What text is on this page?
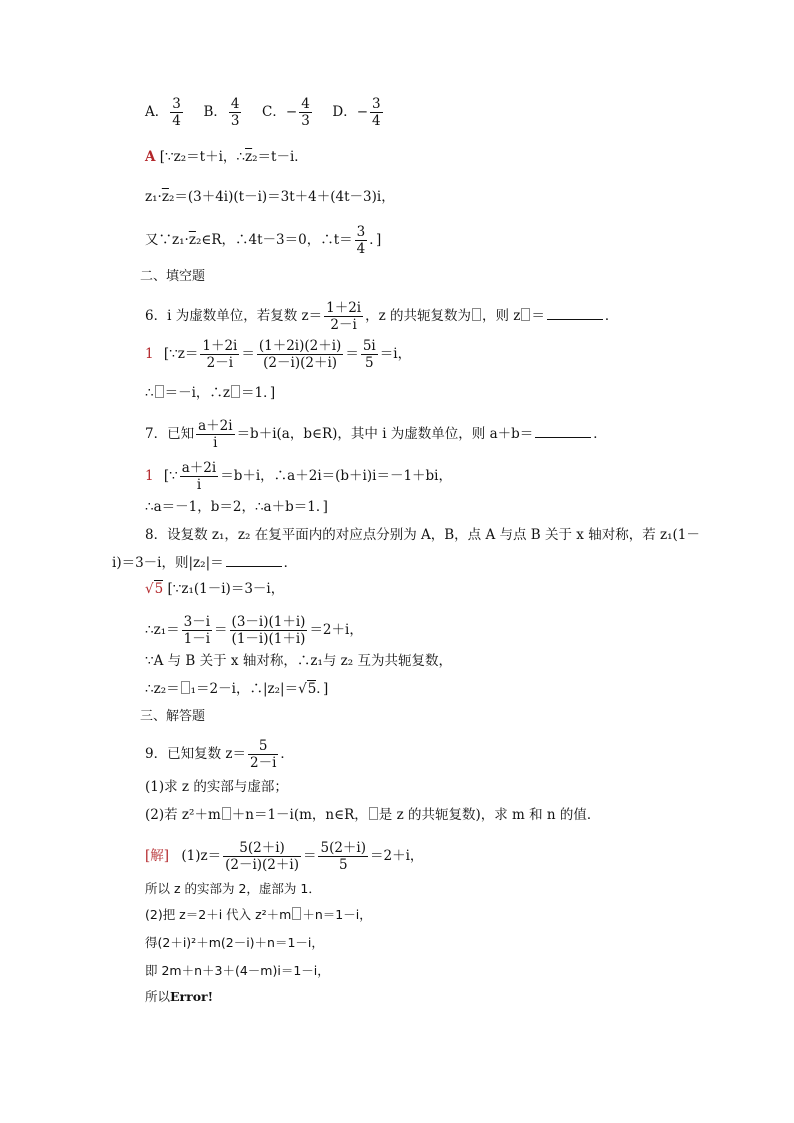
A． $\frac{3}{4}$ B． $\frac{4}{3}$ C．− $\frac{4}{3}$ D．− $\frac{3}{4}$
A [∵z₂＝t＋i，$\therefore\overline{z}_2=t-i$．
$z_1\cdot\overline{z}_2=(3+4i)(t-i)=3t+4+(4t-3)i$，
又$\because z_1\cdot\overline{z}_2\in R$，∴4t－3＝0，∴t＝ $\frac{3}{4}$ ．]
二、填空题
6．i 为虚数单位，若复数 $z= \frac{1+2i}{2-i}$ ，z 的共轭复数为 ，则 z ＝	．
1 [∵z＝ $\frac{1+2i}{2-i} = \frac{(1+2i)(2+i)}{(2-i)(2+i)} = \frac{5i}{5} =i$，
∴ ＝－i，∴z ＝1．]
7．已知 $\frac{a+2i}{i} =b+i(a$，b∈R)，其中 i 为虚数单位，则 a＋b＝	．
1 [∵ $\frac{a+2i}{i} =b+i$，∴a＋2i＝(b＋i)i＝－1＋bi，
∴a＝－1，b＝2，∴a＋b＝1．]
8．设复数 z₁，z₂ 在复平面内的对应点分别为 A，B，点 A 与点 B 关于 x 轴对称，若 z₁(1－
i)＝3－i，则|z₂|＝	．
√5 [∵z₁(1－i)＝3－i，
∴z₁＝ $\frac{3-i}{1-i} = \frac{(3-i)(1+i)}{(1-i)(1+i)} =2+i$，
∵A 与 B 关于 x 轴对称，∴z₁与 z₂ 互为共轭复数，
∴z₂＝ ₁＝2－i，∴|z₂|＝√5．]
三、解答题
9．已知复数 $z= \frac{5}{2-i}$ ．
(1)求 z 的实部与虚部；
(2)若 z²＋m ＋n＝1－i(m，n∈R， 是 z 的共轭复数)，求 m 和 n 的值．
[解] $(1)z= \frac{5(2+i)}{(2-i)(2+i)} = \frac{5(2+i)}{5} =2+i$，
所以 z 的实部为 2，虚部为 1．
(2)把 z＝2＋i 代入 z²＋m ＋n＝1－i，
得(2＋i)²＋m(2－i)＋n＝1－i，
即 2m＋n＋3＋(4－m)i＝1－i，
所以Error!
